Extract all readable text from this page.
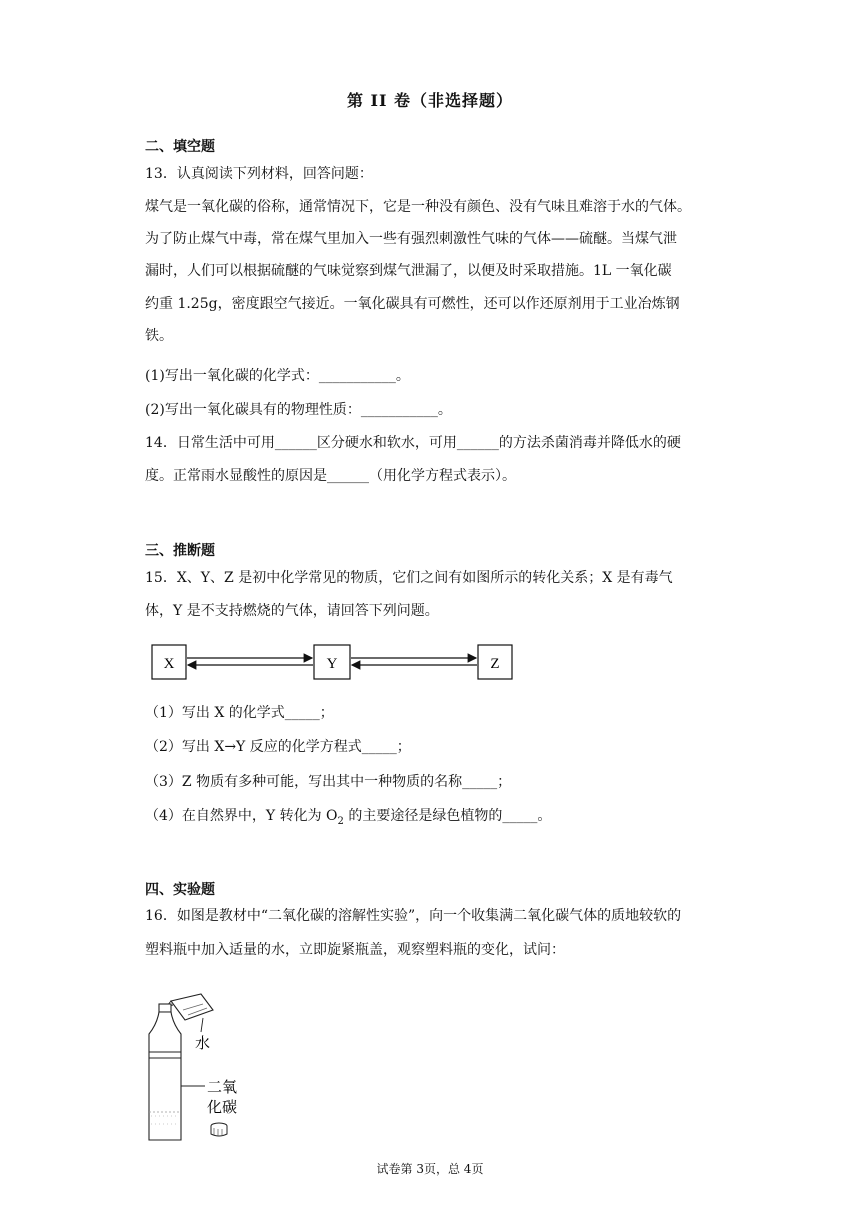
第 II 卷（非选择题）
二、填空题
13．认真阅读下列材料，回答问题：
煤气是一氧化碳的俗称，通常情况下，它是一种没有颜色、没有气味且难溶于水的气体。
为了防止煤气中毒，常在煤气里加入一些有强烈刺激性气味的气体——硫醚。当煤气泄
漏时，人们可以根据硫醚的气味觉察到煤气泄漏了，以便及时采取措施。1L 一氧化碳
约重 1.25g，密度跟空气接近。一氧化碳具有可燃性，还可以作还原剂用于工业冶炼钢
铁。
(1)写出一氧化碳的化学式：___________。
(2)写出一氧化碳具有的物理性质：___________。
14．日常生活中可用______区分硬水和软水，可用______的方法杀菌消毒并降低水的硬
度。正常雨水显酸性的原因是______（用化学方程式表示）。
三、推断题
15．X、Y、Z 是初中化学常见的物质，它们之间有如图所示的转化关系；X 是有毒气
体，Y 是不支持燃烧的气体，请回答下列问题。
X	Y	Z
（1）写出 X 的化学式_____；
（2）写出 X→Y 反应的化学方程式_____；
（3）Z 物质有多种可能，写出其中一种物质的名称_____；
（4）在自然界中，Y 转化为 $O_2$ 的主要途径是绿色植物的_____。
四、实验题
16．如图是教材中“二氧化碳的溶解性实验”，向一个收集满二氧化碳气体的质地较软的
塑料瓶中加入适量的水，立即旋紧瓶盖，观察塑料瓶的变化，试问：
水
二氧
化碳
试卷第 3页，总 4页
